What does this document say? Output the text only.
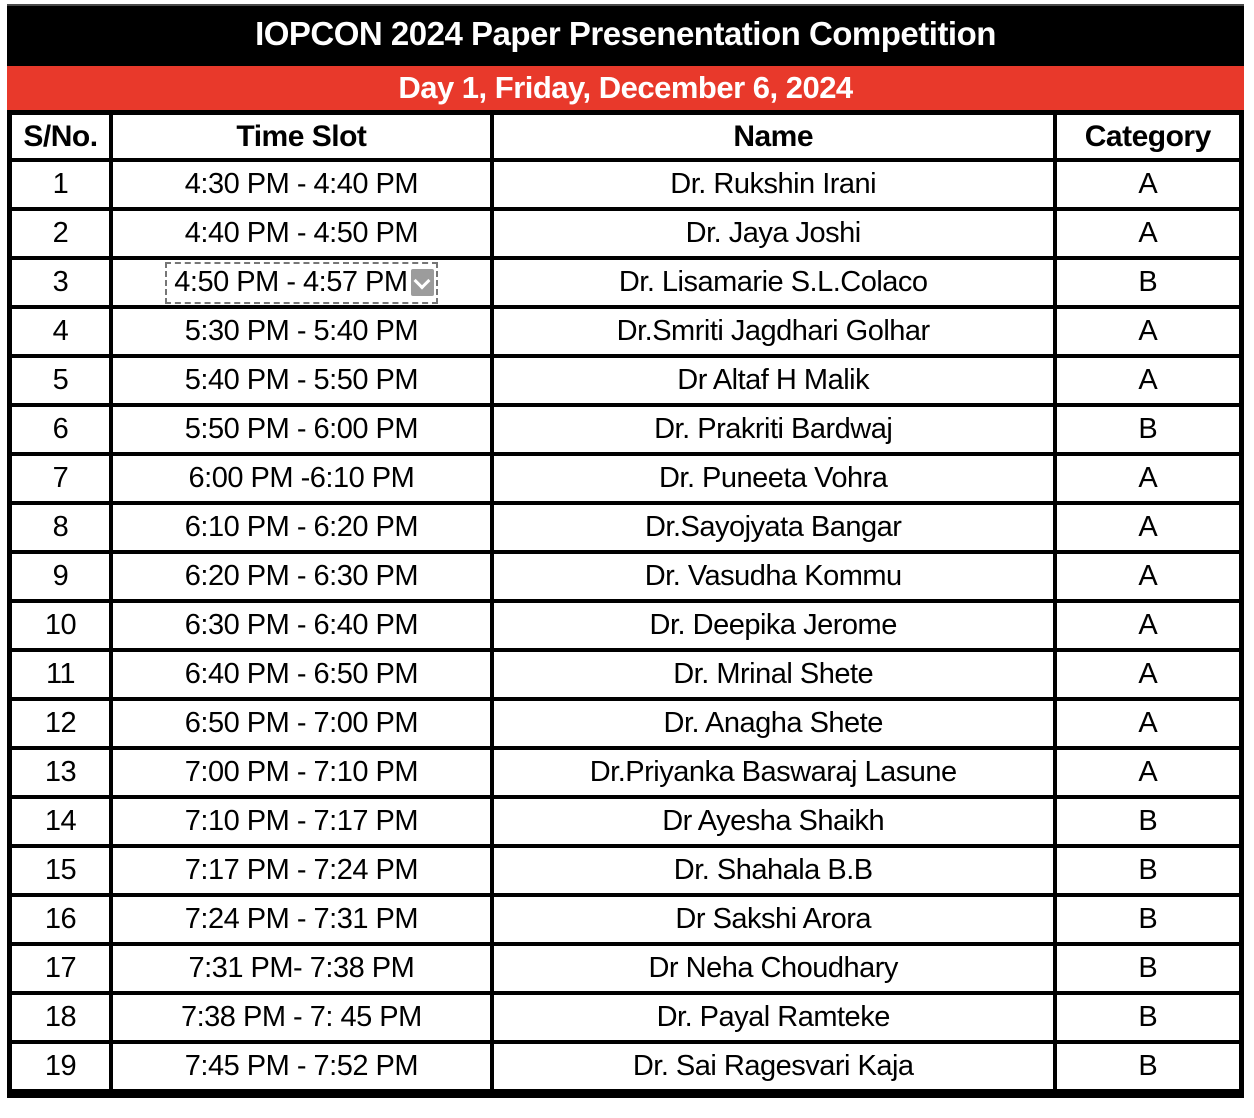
IOPCON 2024 Paper Presenentation Competition
Day 1, Friday, December 6, 2024
S/No.	Time Slot	Name	Category
1	4:30 PM - 4:40 PM	Dr. Rukshin Irani	A
2	4:40 PM - 4:50 PM	Dr. Jaya Joshi	A
3	4:50 PM - 4:57 PM	Dr. Lisamarie S.L.Colaco	B
4	5:30 PM - 5:40 PM	Dr.Smriti Jagdhari Golhar	A
5	5:40 PM - 5:50 PM	Dr Altaf H Malik	A
6	5:50 PM - 6:00 PM	Dr. Prakriti Bardwaj	B
7	6:00 PM -6:10 PM	Dr. Puneeta Vohra	A
8	6:10 PM - 6:20 PM	Dr.Sayojyata Bangar	A
9	6:20 PM - 6:30 PM	Dr. Vasudha Kommu	A
10	6:30 PM - 6:40 PM	Dr. Deepika Jerome	A
11	6:40 PM - 6:50 PM	Dr. Mrinal Shete	A
12	6:50 PM - 7:00 PM	Dr. Anagha Shete	A
13	7:00 PM - 7:10 PM	Dr.Priyanka Baswaraj Lasune	A
14	7:10 PM - 7:17 PM	Dr Ayesha Shaikh	B
15	7:17 PM - 7:24 PM	Dr. Shahala B.B	B
16	7:24 PM - 7:31 PM	Dr Sakshi Arora	B
17	7:31 PM- 7:38 PM	Dr Neha Choudhary	B
18	7:38 PM - 7: 45 PM	Dr. Payal Ramteke	B
19	7:45 PM - 7:52 PM	Dr. Sai Ragesvari Kaja	B
